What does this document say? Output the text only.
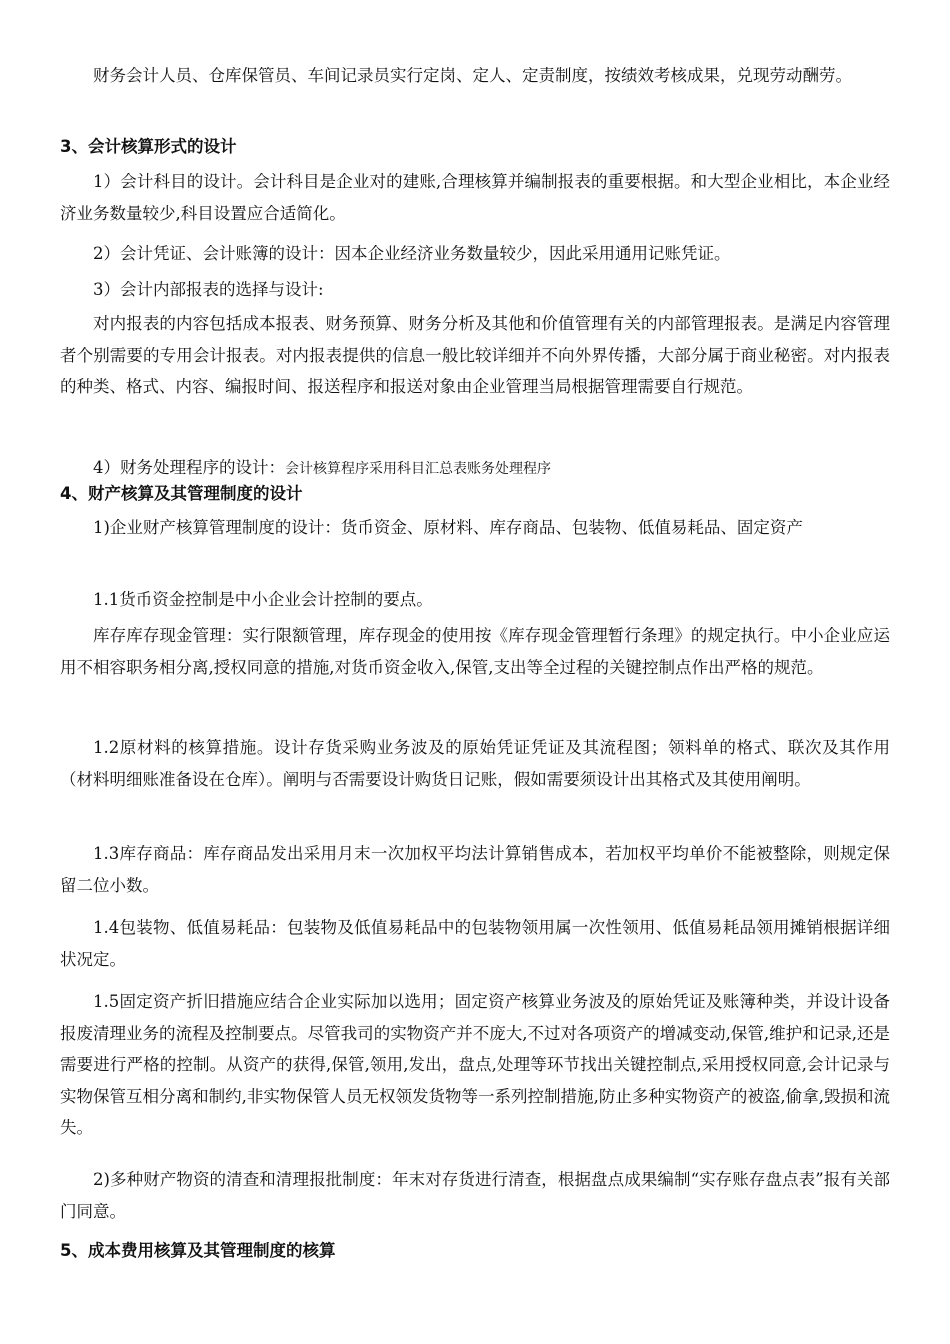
财务会计人员、仓库保管员、车间记录员实行定岗、定人、定责制度，按绩效考核成果，兑现劳动酬劳。

3、会计核算形式的设计

1）会计科目的设计。会计科目是企业对的建账,合理核算并编制报表的重要根据。和大型企业相比，本企业经济业务数量较少,科目设置应合适简化。

2）会计凭证、会计账簿的设计：因本企业经济业务数量较少，因此采用通用记账凭证。

3）会计内部报表的选择与设计:

对内报表的内容包括成本报表、财务预算、财务分析及其他和价值管理有关的内部管理报表。是满足内容管理者个别需要的专用会计报表。对内报表提供的信息一般比较详细并不向外界传播，大部分属于商业秘密。对内报表的种类、格式、内容、编报时间、报送程序和报送对象由企业管理当局根据管理需要自行规范。

4）财务处理程序的设计：会计核算程序采用科目汇总表账务处理程序

4、财产核算及其管理制度的设计

1)企业财产核算管理制度的设计：货币资金、原材料、库存商品、包装物、低值易耗品、固定资产

1.1货币资金控制是中小企业会计控制的要点。

库存库存现金管理：实行限额管理，库存现金的使用按《库存现金管理暂行条理》的规定执行。中小企业应运用不相容职务相分离,授权同意的措施,对货币资金收入,保管,支出等全过程的关键控制点作出严格的规范。

1.2原材料的核算措施。设计存货采购业务波及的原始凭证凭证及其流程图；领料单的格式、联次及其作用（材料明细账准备设在仓库）。阐明与否需要设计购货日记账，假如需要须设计出其格式及其使用阐明。

1.3库存商品：库存商品发出采用月末一次加权平均法计算销售成本，若加权平均单价不能被整除，则规定保留二位小数。

1.4包装物、低值易耗品：包装物及低值易耗品中的包装物领用属一次性领用、低值易耗品领用摊销根据详细状况定。

1.5固定资产折旧措施应结合企业实际加以选用；固定资产核算业务波及的原始凭证及账簿种类，并设计设备报废清理业务的流程及控制要点。尽管我司的实物资产并不庞大,不过对各项资产的增减变动,保管,维护和记录,还是需要进行严格的控制。从资产的获得,保管,领用,发出，盘点,处理等环节找出关键控制点,采用授权同意,会计记录与实物保管互相分离和制约,非实物保管人员无权领发货物等一系列控制措施,防止多种实物资产的被盗,偷拿,毁损和流失。

2)多种财产物资的清查和清理报批制度：年末对存货进行清查，根据盘点成果编制“实存账存盘点表”报有关部门同意。

5、成本费用核算及其管理制度的核算
